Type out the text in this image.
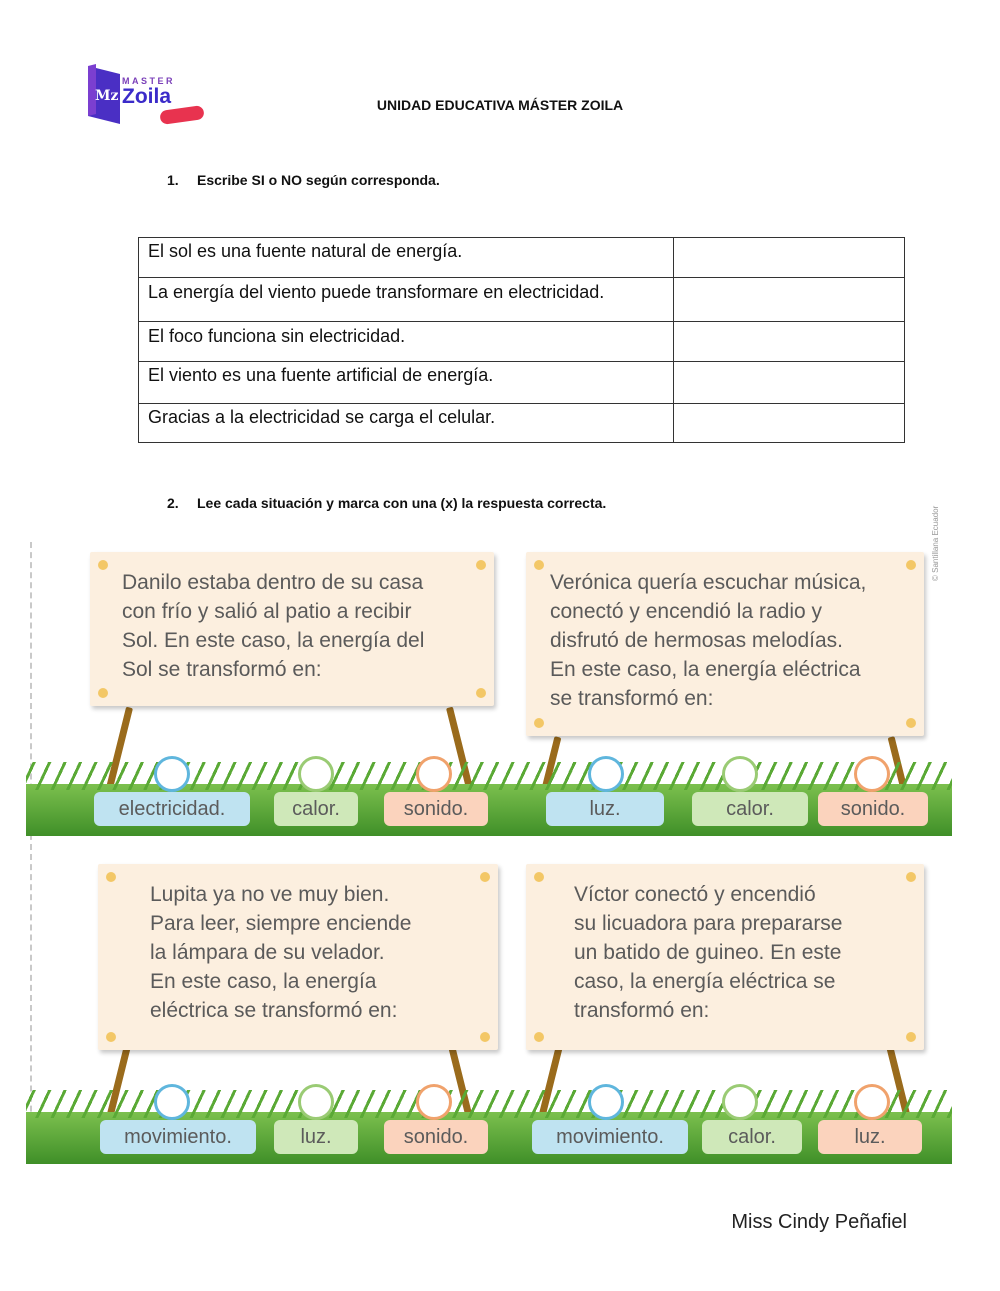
Mz
MASTER
Zoila	UNIDAD EDUCATIVA MÁSTER ZOILA
1. Escribe SI o NO según corresponda.
El sol es una fuente natural de energía.	
La energía del viento puede transformare en electricidad.	
El foco funciona sin electricidad.	
El viento es una fuente artificial de energía.	
Gracias a la electricidad se carga el celular.	
2. Lee cada situación y marca con una (x) la respuesta correcta.
© Santillana Ecuador
Danilo estaba dentro de su casa
con frío y salió al patio a recibir
Sol. En este caso, la energía del
Sol se transformó en:
Verónica quería escuchar música,
conectó y encendió la radio y
disfrutó de hermosas melodías.
En este caso, la energía eléctrica
se transformó en:
electricidad.	calor.	sonido.	luz.	calor.	sonido.
Lupita ya no ve muy bien.
Para leer, siempre enciende
la lámpara de su velador.
En este caso, la energía
eléctrica se transformó en:
Víctor conectó y encendió
su licuadora para prepararse
un batido de guineo. En este
caso, la energía eléctrica se
transformó en:
movimiento.	luz.	sonido.	movimiento.	calor.	luz.
Miss Cindy Peñafiel
